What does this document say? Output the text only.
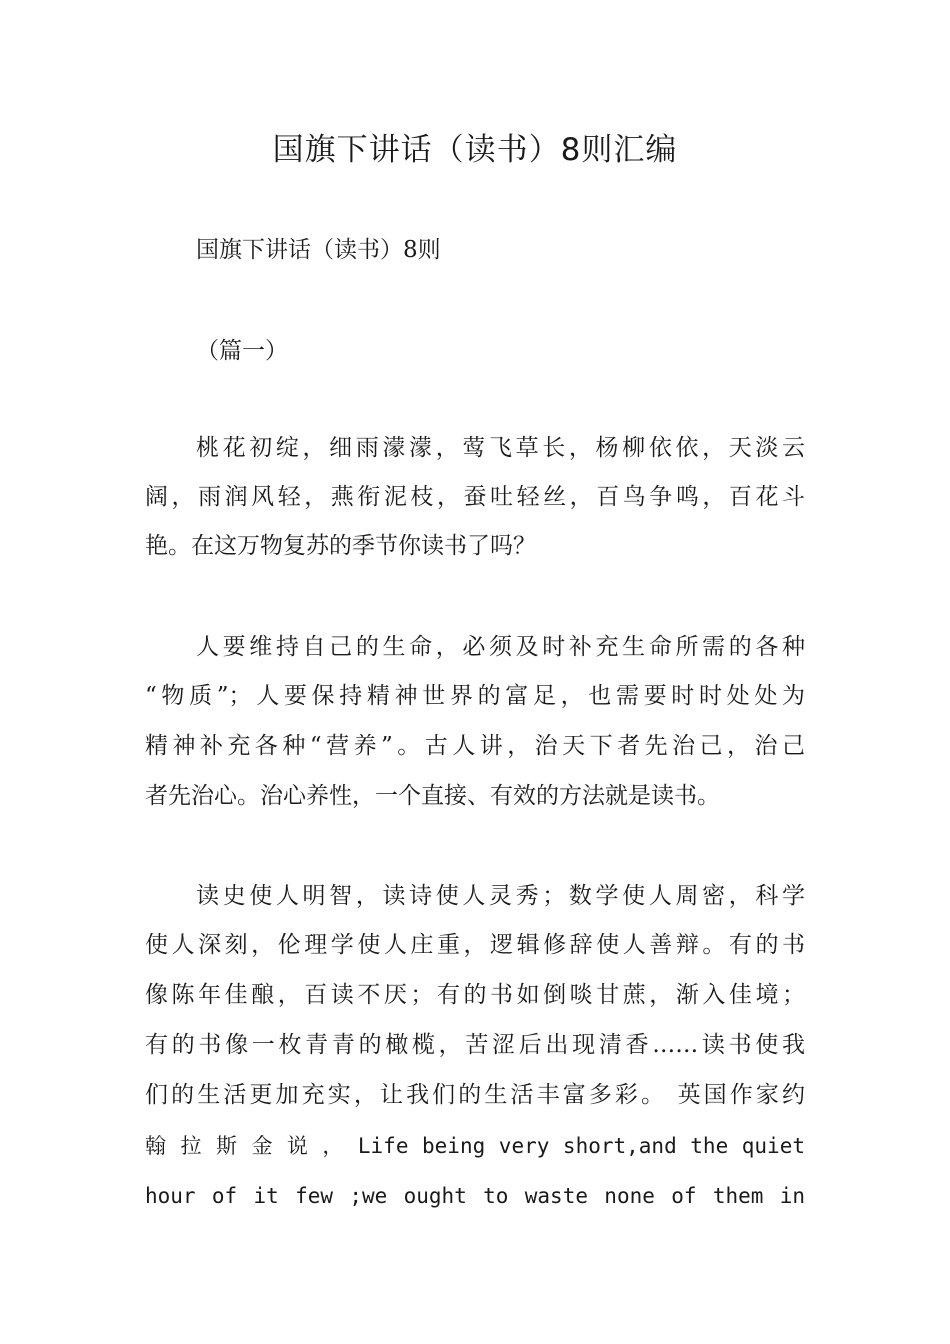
国旗下讲话（读书）8则汇编
国旗下讲话（读书）8则
（篇一）
桃花初绽，细雨濛濛，莺飞草长，杨柳依依，天淡云
阔，雨润风轻，燕衔泥枝，蚕吐轻丝，百鸟争鸣，百花斗
艳。在这万物复苏的季节你读书了吗？
人要维持自己的生命，必须及时补充生命所需的各种
“物质”；人要保持精神世界的富足，也需要时时处处为
精神补充各种“营养”。古人讲，治天下者先治己，治己
者先治心。治心养性，一个直接、有效的方法就是读书。
读史使人明智，读诗使人灵秀；数学使人周密，科学
使人深刻，伦理学使人庄重，逻辑修辞使人善辩。有的书
像陈年佳酿，百读不厌；有的书如倒啖甘蔗，渐入佳境；
有的书像一枚青青的橄榄，苦涩后出现清香……读书使我
们的生活更加充实，让我们的生活丰富多彩。 英国作家约
翰 拉 斯 金 说 ， Life being very short,and the quiet
hour of it few ;we ought to waste none of them in
